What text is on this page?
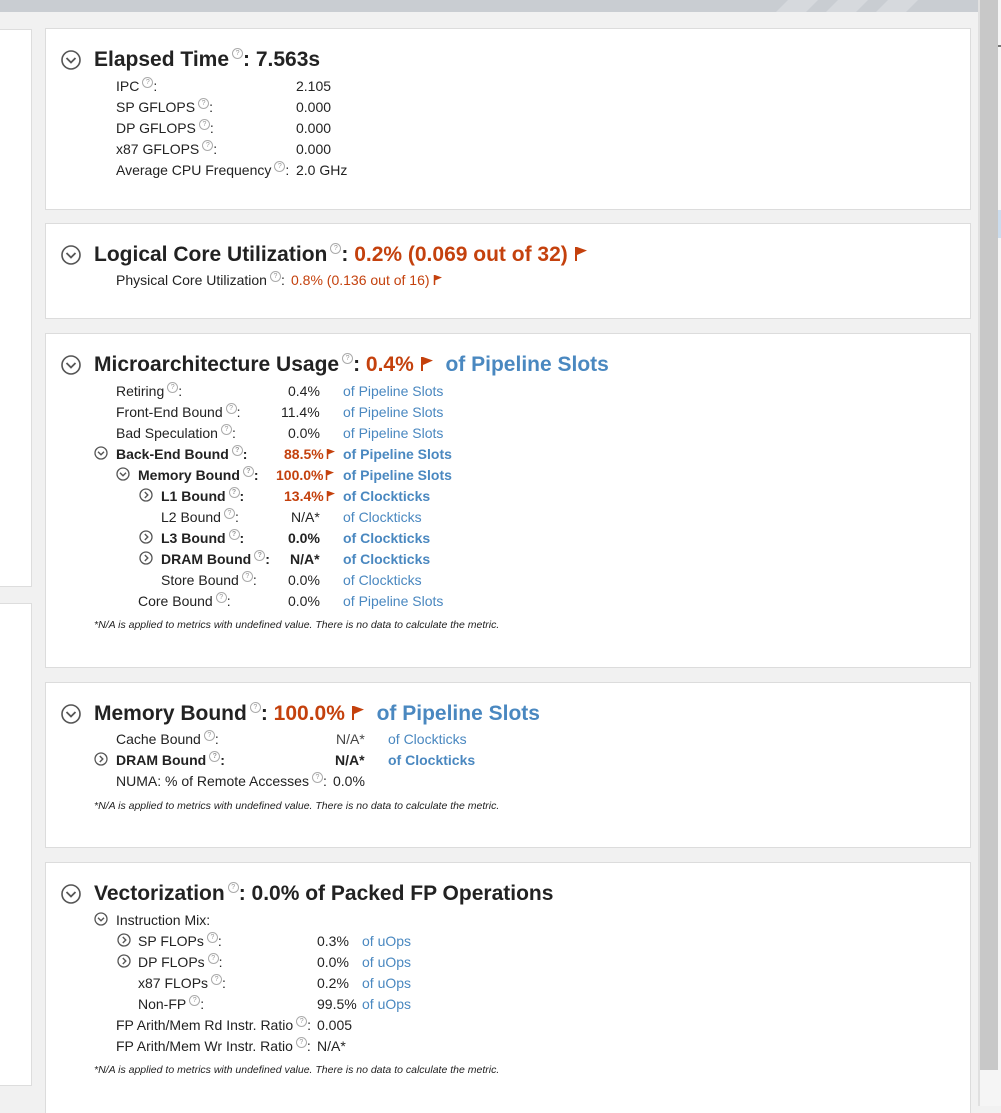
Elapsed Time ? : 7.563s
IPC ? :	2.105
SP GFLOPS ? :	0.000
DP GFLOPS ? :	0.000
x87 GFLOPS ? :	0.000
Average CPU Frequency ? : 2.0 GHz
Logical Core Utilization ? : 0.2% (0.069 out of 32)
Physical Core Utilization ? : 0.8% (0.136 out of 16)
Microarchitecture Usage ? : 0.4% of Pipeline Slots
Retiring ? :	0.4% of Pipeline Slots
Front-End Bound ? :	11.4% of Pipeline Slots
Bad Speculation ? :	0.0% of Pipeline Slots
Back-End Bound ? :	88.5%	of Pipeline Slots
Memory Bound ? : 100.0%	of Pipeline Slots
L1 Bound ? :	13.4%	of Clockticks
L2 Bound ? :	N/A* of Clockticks
L3 Bound ? :	0.0% of Clockticks
DRAM Bound ? : N/A* of Clockticks
Store Bound ? : 0.0% of Clockticks
Core Bound ? :	0.0% of Pipeline Slots
*N/A is applied to metrics with undefined value. There is no data to calculate the metric.
Memory Bound ? : 100.0% of Pipeline Slots
Cache Bound ? :	N/A* of Clockticks
DRAM Bound ? :	N/A* of Clockticks
NUMA: % of Remote Accesses ? : 0.0%
*N/A is applied to metrics with undefined value. There is no data to calculate the metric.
Vectorization ? : 0.0% of Packed FP Operations
Instruction Mix:
SP FLOPs ? :	0.3% of uOps
DP FLOPs ? :	0.0% of uOps
x87 FLOPs ? :	0.2% of uOps
Non-FP ? :	99.5% of uOps
FP Arith/Mem Rd Instr. Ratio ? : 0.005
FP Arith/Mem Wr Instr. Ratio ? : N/A*
*N/A is applied to metrics with undefined value. There is no data to calculate the metric.
